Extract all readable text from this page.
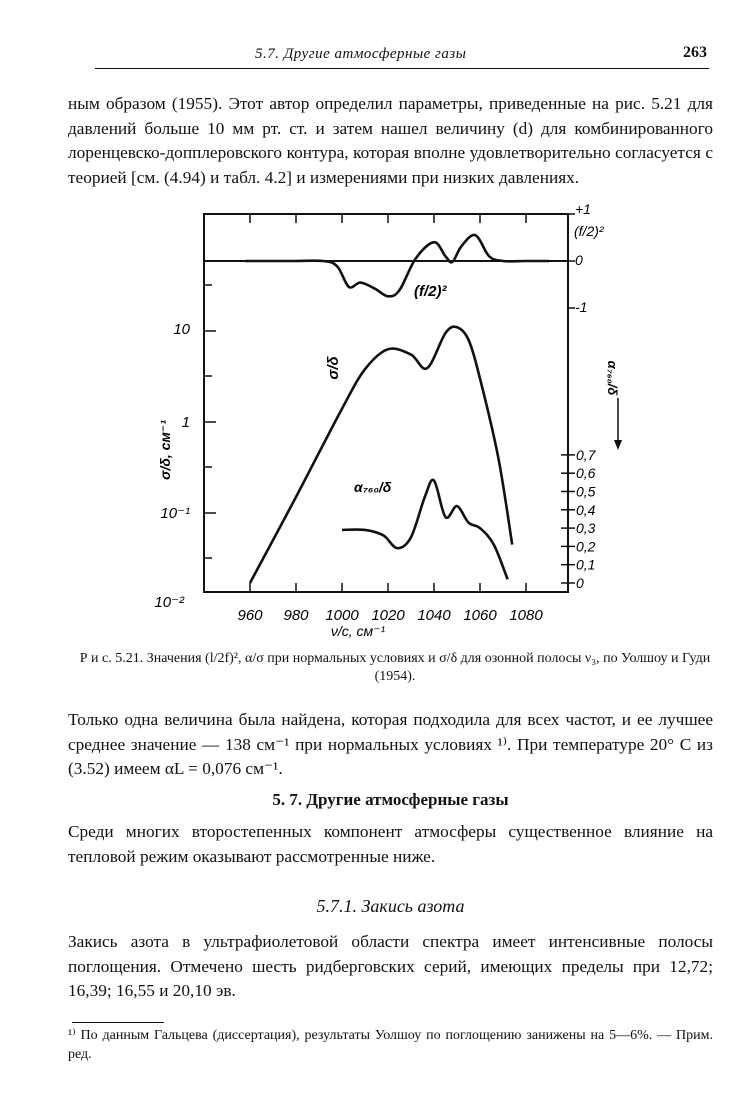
5.7. Другие атмосферные газы	263
ным образом (1955). Этот автор определил параметры, приведенные на рис. 5.21 для давлений больше 10 мм рт. ст. и затем нашел величину (d) для комбинированного лоренцевско-допплеровского контура, которая вполне удовлетворительно согласуется с теорией [см. (4.94) и табл. 4.2] и измерениями при низких давлениях.
960 980 1000 1020 1040 1060 1080
10
1
10⁻¹
10⁻²
+1
0
-1
0,7
0,6
0,5
0,4
0,3
0,2
0,1
0
ν/c, см⁻¹
σ/δ, см⁻¹
(f/2)²
α₇₆₀/δ
σ/δ
(f/2)²
α₇₆₀/δ
Р и с. 5.21. Значения (l/2f)², α/σ при нормальных условиях и σ/δ для озонной полосы ν₃, по Уолшоу и Гуди (1954).
Только одна величина была найдена, которая подходила для всех частот, и ее лучшее среднее значение — 138 см⁻¹ при нормальных условиях ¹⁾. При температуре 20° С из (3.52) имеем αL = 0,076 см⁻¹.
5. 7. Другие атмосферные газы
Среди многих второстепенных компонент атмосферы существенное влияние на тепловой режим оказывают рассмотренные ниже.
5.7.1. Закись азота
Закись азота в ультрафиолетовой области спектра имеет интенсивные полосы поглощения. Отмечено шесть ридберговских серий, имеющих пределы при 12,72; 16,39; 16,55 и 20,10 эв.
¹⁾ По данным Гальцева (диссертация), результаты Уолшоу по поглощению занижены на 5—6%. — Прим. ред.
